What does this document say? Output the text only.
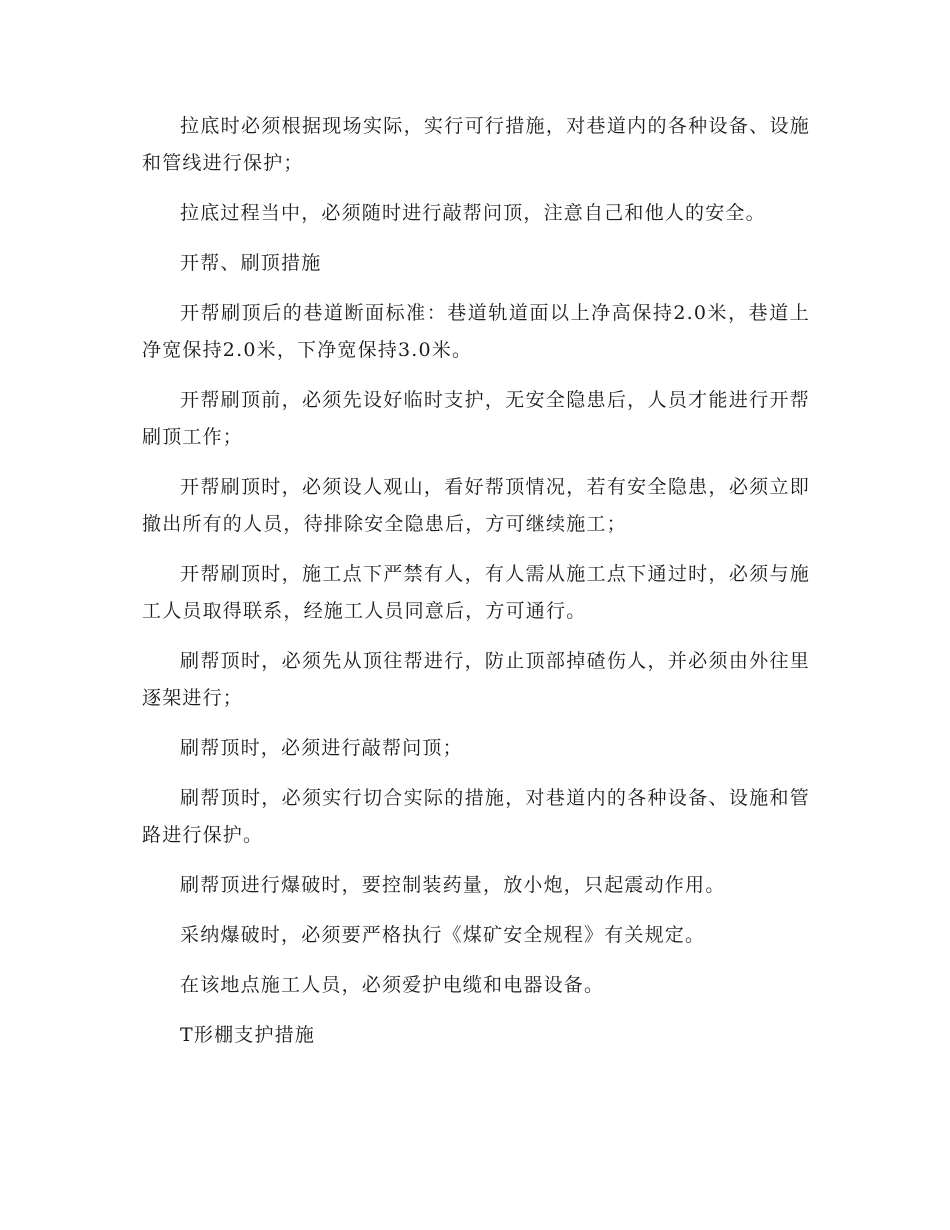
拉底时必须根据现场实际，实行可行措施，对巷道内的各种设备、设施和管线进行保护；

拉底过程当中，必须随时进行敲帮问顶，注意自己和他人的安全。

开帮、刷顶措施

开帮刷顶后的巷道断面标准：巷道轨道面以上净高保持2.0米，巷道上净宽保持2.0米，下净宽保持3.0米。

开帮刷顶前，必须先设好临时支护，无安全隐患后，人员才能进行开帮刷顶工作；

开帮刷顶时，必须设人观山，看好帮顶情况，若有安全隐患，必须立即撤出所有的人员，待排除安全隐患后，方可继续施工；

开帮刷顶时，施工点下严禁有人，有人需从施工点下通过时，必须与施工人员取得联系，经施工人员同意后，方可通行。

刷帮顶时，必须先从顶往帮进行，防止顶部掉碴伤人，并必须由外往里逐架进行；

刷帮顶时，必须进行敲帮问顶；

刷帮顶时，必须实行切合实际的措施，对巷道内的各种设备、设施和管路进行保护。

刷帮顶进行爆破时，要控制装药量，放小炮，只起震动作用。

采纳爆破时，必须要严格执行《煤矿安全规程》有关规定。

在该地点施工人员，必须爱护电缆和电器设备。

T形棚支护措施
